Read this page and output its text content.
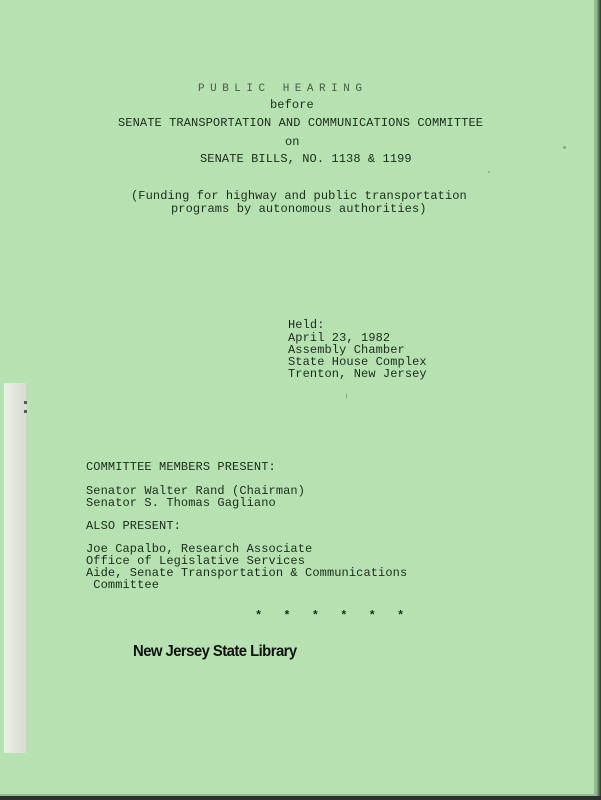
PUBLIC HEARING
before
SENATE TRANSPORTATION AND COMMUNICATIONS COMMITTEE
on
SENATE BILLS, NO. 1138 & 1199
(Funding for highway and public transportation
programs by autonomous authorities)
Held:
April 23, 1982
Assembly Chamber
State House Complex
Trenton, New Jersey
COMMITTEE MEMBERS PRESENT:
Senator Walter Rand (Chairman)
Senator S. Thomas Gagliano
ALSO PRESENT:
Joe Capalbo, Research Associate
Office of Legislative Services
Aide, Senate Transportation & Communications
Committee
* * * * * *
New Jersey State Library
